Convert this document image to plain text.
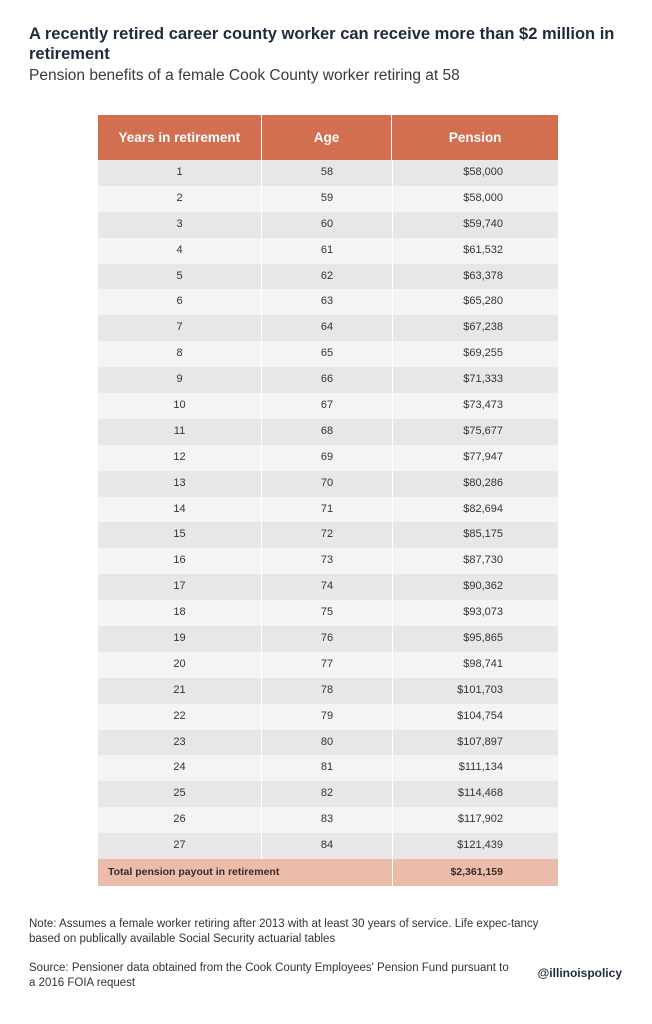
A recently retired career county worker can receive more than $2 million in retirement
Pension benefits of a female Cook County worker retiring at 58
Years in retirement	Age	Pension
1	58	$58,000
2	59	$58,000
3	60	$59,740
4	61	$61,532
5	62	$63,378
6	63	$65,280
7	64	$67,238
8	65	$69,255
9	66	$71,333
10	67	$73,473
11	68	$75,677
12	69	$77,947
13	70	$80,286
14	71	$82,694
15	72	$85,175
16	73	$87,730
17	74	$90,362
18	75	$93,073
19	76	$95,865
20	77	$98,741
21	78	$101,703
22	79	$104,754
23	80	$107,897
24	81	$111,134
25	82	$114,468
26	83	$117,902
27	84	$121,439
Total pension payout in retirement	$2,361,159
Note: Assumes a female worker retiring after 2013 with at least 30 years of service. Life expec-tancy based on publically available Social Security actuarial tables
Source: Pensioner data obtained from the Cook County Employees' Pension Fund pursuant to a 2016 FOIA request
@illinoispolicy
